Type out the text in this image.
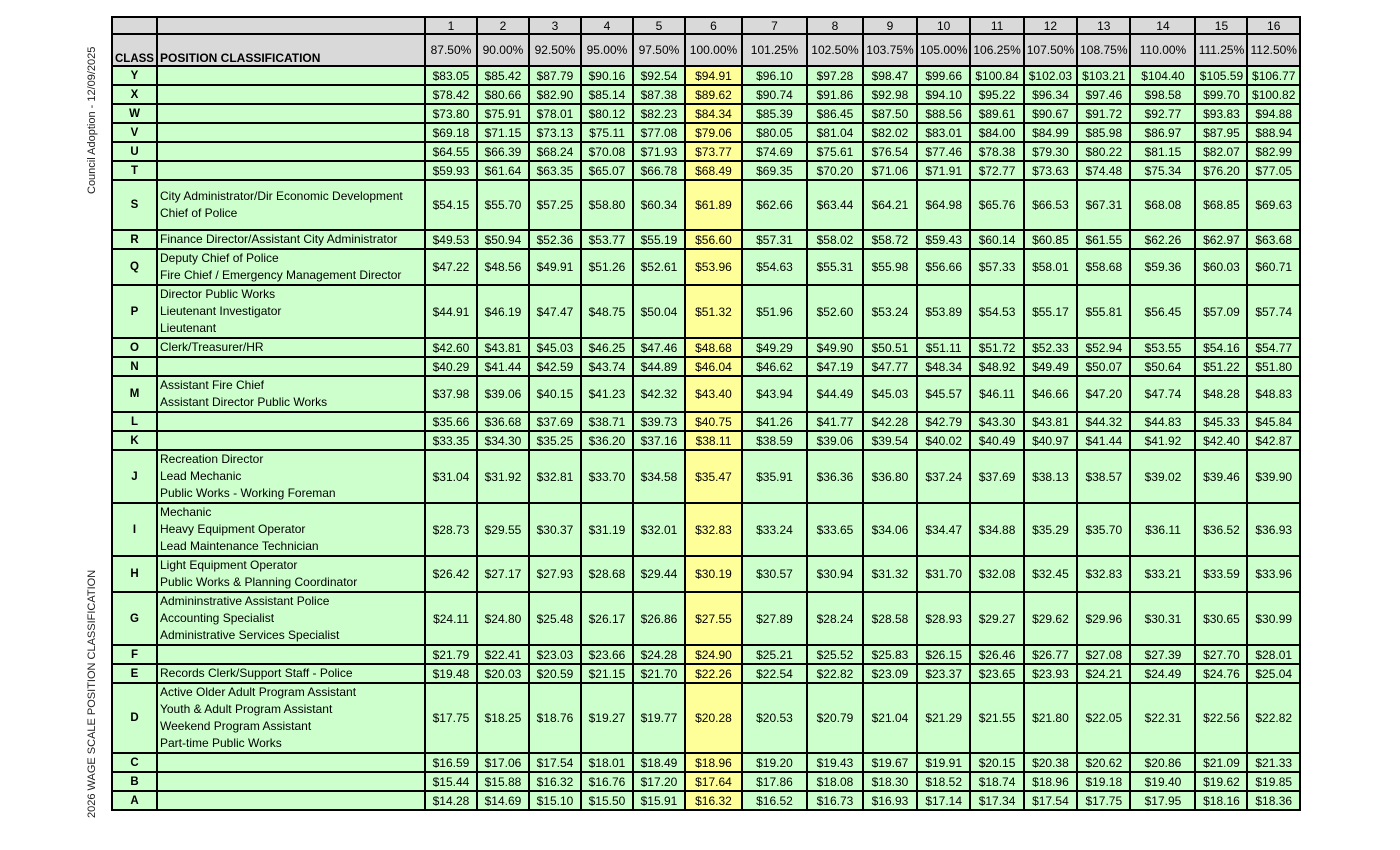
Council Adoption - 12/09/2025
2026 WAGE SCALE POSITION CLASSIFICATION
		1	2	3	4	5	6	7	8	9	10	11	12	13	14	15	16
CLASS	POSITION CLASSIFICATION	87.50%	90.00%	92.50%	95.00%	97.50%	100.00%	101.25%	102.50%	103.75%	105.00%	106.25%	107.50%	108.75%	110.00%	111.25%	112.50%
Y		$83.05	$85.42	$87.79	$90.16	$92.54	$94.91	$96.10	$97.28	$98.47	$99.66	$100.84	$102.03	$103.21	$104.40	$105.59	$106.77
X		$78.42	$80.66	$82.90	$85.14	$87.38	$89.62	$90.74	$91.86	$92.98	$94.10	$95.22	$96.34	$97.46	$98.58	$99.70	$100.82
W		$73.80	$75.91	$78.01	$80.12	$82.23	$84.34	$85.39	$86.45	$87.50	$88.56	$89.61	$90.67	$91.72	$92.77	$93.83	$94.88
V		$69.18	$71.15	$73.13	$75.11	$77.08	$79.06	$80.05	$81.04	$82.02	$83.01	$84.00	$84.99	$85.98	$86.97	$87.95	$88.94
U		$64.55	$66.39	$68.24	$70.08	$71.93	$73.77	$74.69	$75.61	$76.54	$77.46	$78.38	$79.30	$80.22	$81.15	$82.07	$82.99
T		$59.93	$61.64	$63.35	$65.07	$66.78	$68.49	$69.35	$70.20	$71.06	$71.91	$72.77	$73.63	$74.48	$75.34	$76.20	$77.05
S	City Administrator/Dir Economic Development
Chief of Police	$54.15	$55.70	$57.25	$58.80	$60.34	$61.89	$62.66	$63.44	$64.21	$64.98	$65.76	$66.53	$67.31	$68.08	$68.85	$69.63
R	Finance Director/Assistant City Administrator	$49.53	$50.94	$52.36	$53.77	$55.19	$56.60	$57.31	$58.02	$58.72	$59.43	$60.14	$60.85	$61.55	$62.26	$62.97	$63.68
Q	Deputy Chief of Police
Fire Chief / Emergency Management Director	$47.22	$48.56	$49.91	$51.26	$52.61	$53.96	$54.63	$55.31	$55.98	$56.66	$57.33	$58.01	$58.68	$59.36	$60.03	$60.71
P	Director Public Works
Lieutenant Investigator
Lieutenant	$44.91	$46.19	$47.47	$48.75	$50.04	$51.32	$51.96	$52.60	$53.24	$53.89	$54.53	$55.17	$55.81	$56.45	$57.09	$57.74
O	Clerk/Treasurer/HR	$42.60	$43.81	$45.03	$46.25	$47.46	$48.68	$49.29	$49.90	$50.51	$51.11	$51.72	$52.33	$52.94	$53.55	$54.16	$54.77
N		$40.29	$41.44	$42.59	$43.74	$44.89	$46.04	$46.62	$47.19	$47.77	$48.34	$48.92	$49.49	$50.07	$50.64	$51.22	$51.80
M	Assistant Fire Chief
Assistant Director Public Works	$37.98	$39.06	$40.15	$41.23	$42.32	$43.40	$43.94	$44.49	$45.03	$45.57	$46.11	$46.66	$47.20	$47.74	$48.28	$48.83
L		$35.66	$36.68	$37.69	$38.71	$39.73	$40.75	$41.26	$41.77	$42.28	$42.79	$43.30	$43.81	$44.32	$44.83	$45.33	$45.84
K		$33.35	$34.30	$35.25	$36.20	$37.16	$38.11	$38.59	$39.06	$39.54	$40.02	$40.49	$40.97	$41.44	$41.92	$42.40	$42.87
J	Recreation Director
Lead Mechanic
Public Works - Working Foreman	$31.04	$31.92	$32.81	$33.70	$34.58	$35.47	$35.91	$36.36	$36.80	$37.24	$37.69	$38.13	$38.57	$39.02	$39.46	$39.90
I	Mechanic
Heavy Equipment Operator
Lead Maintenance Technician	$28.73	$29.55	$30.37	$31.19	$32.01	$32.83	$33.24	$33.65	$34.06	$34.47	$34.88	$35.29	$35.70	$36.11	$36.52	$36.93
H	Light Equipment Operator
Public Works & Planning Coordinator	$26.42	$27.17	$27.93	$28.68	$29.44	$30.19	$30.57	$30.94	$31.32	$31.70	$32.08	$32.45	$32.83	$33.21	$33.59	$33.96
G	Admininstrative Assistant Police
Accounting Specialist
Administrative Services Specialist	$24.11	$24.80	$25.48	$26.17	$26.86	$27.55	$27.89	$28.24	$28.58	$28.93	$29.27	$29.62	$29.96	$30.31	$30.65	$30.99
F		$21.79	$22.41	$23.03	$23.66	$24.28	$24.90	$25.21	$25.52	$25.83	$26.15	$26.46	$26.77	$27.08	$27.39	$27.70	$28.01
E	Records Clerk/Support Staff - Police	$19.48	$20.03	$20.59	$21.15	$21.70	$22.26	$22.54	$22.82	$23.09	$23.37	$23.65	$23.93	$24.21	$24.49	$24.76	$25.04
D	Active Older Adult Program Assistant
Youth & Adult Program Assistant
Weekend Program Assistant
Part-time Public Works	$17.75	$18.25	$18.76	$19.27	$19.77	$20.28	$20.53	$20.79	$21.04	$21.29	$21.55	$21.80	$22.05	$22.31	$22.56	$22.82
C		$16.59	$17.06	$17.54	$18.01	$18.49	$18.96	$19.20	$19.43	$19.67	$19.91	$20.15	$20.38	$20.62	$20.86	$21.09	$21.33
B		$15.44	$15.88	$16.32	$16.76	$17.20	$17.64	$17.86	$18.08	$18.30	$18.52	$18.74	$18.96	$19.18	$19.40	$19.62	$19.85
A		$14.28	$14.69	$15.10	$15.50	$15.91	$16.32	$16.52	$16.73	$16.93	$17.14	$17.34	$17.54	$17.75	$17.95	$18.16	$18.36
